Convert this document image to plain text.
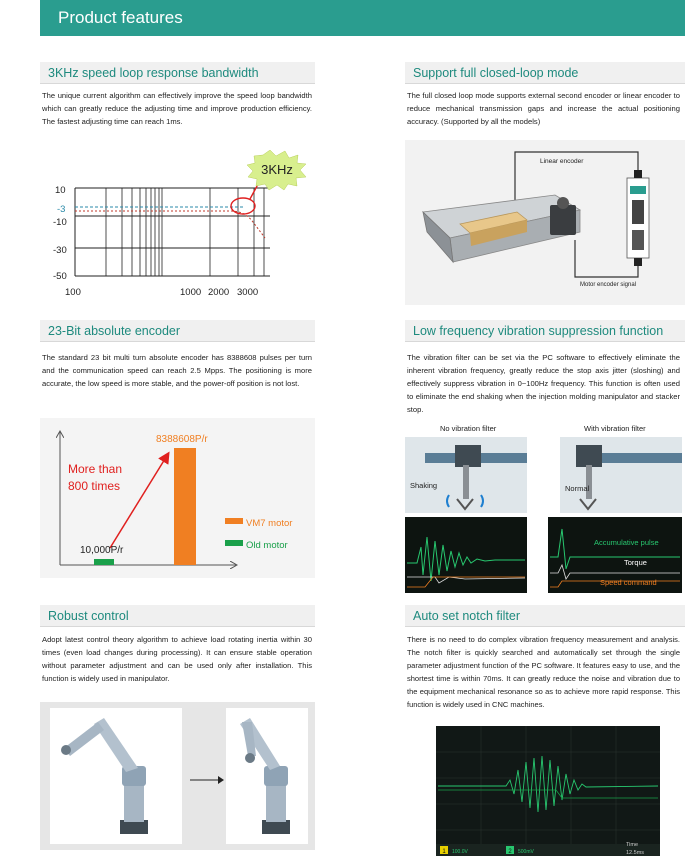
Product features
3KHz speed loop response bandwidth
The unique current algorithm can effectively improve the speed loop bandwidth which can greatly reduce the adjusting time and improve production efficiency. The fastest adjusting time can reach 1ms.
3KHz
10
-3
-10
-30
-50
100	1000 2000 3000
Support full closed-loop mode
The full closed loop mode supports external second encoder or linear encoder to reduce mechanical transmission gaps and increase the actual positioning accuracy. (Supported by all the models)
Linear encoder
Motor encoder signal
23-Bit absolute encoder
The standard 23 bit multi turn absolute encoder has 8388608 pulses per turn and the communication speed can reach 2.5 Mpps. The positioning is more accurate, the low speed is more stable, and the power-off position is not lost.
8388608P/r
10,000P/r
More than
800 times
VM7 motor
Old motor
Low frequency vibration suppression function
The vibration filter can be set via the PC software to effectively eliminate the inherent vibration frequency, greatly reduce the stop axis jitter (sloshing) and effectively suppress vibration in 0~100Hz frequency. This function is often used to eliminate the end shaking when the injection molding manipulator and stacker stop.
No vibration filter	With vibration filter
Shaking	Normal
Accumulative pulse
Torque
Speed command
Robust control
Adopt latest control theory algorithm to achieve load rotating inertia within 30 times (even load changes during processing). It can ensure stable operation without parameter adjustment and can be used only after installation. This function is widely used in manipulator.
Auto set notch filter
There is no need to do complex vibration frequency measurement and analysis. The notch filter is quickly searched and automatically set through the single parameter adjustment function of the PC software. It features easy to use, and the shortest time is within 70ms. It can greatly reduce the noise and vibration due to the equipment mechanical resonance so as to achieve more rapid response. This function is widely used in CNC machines.
1 100.0V	2 500mV
Time
12.5ms
